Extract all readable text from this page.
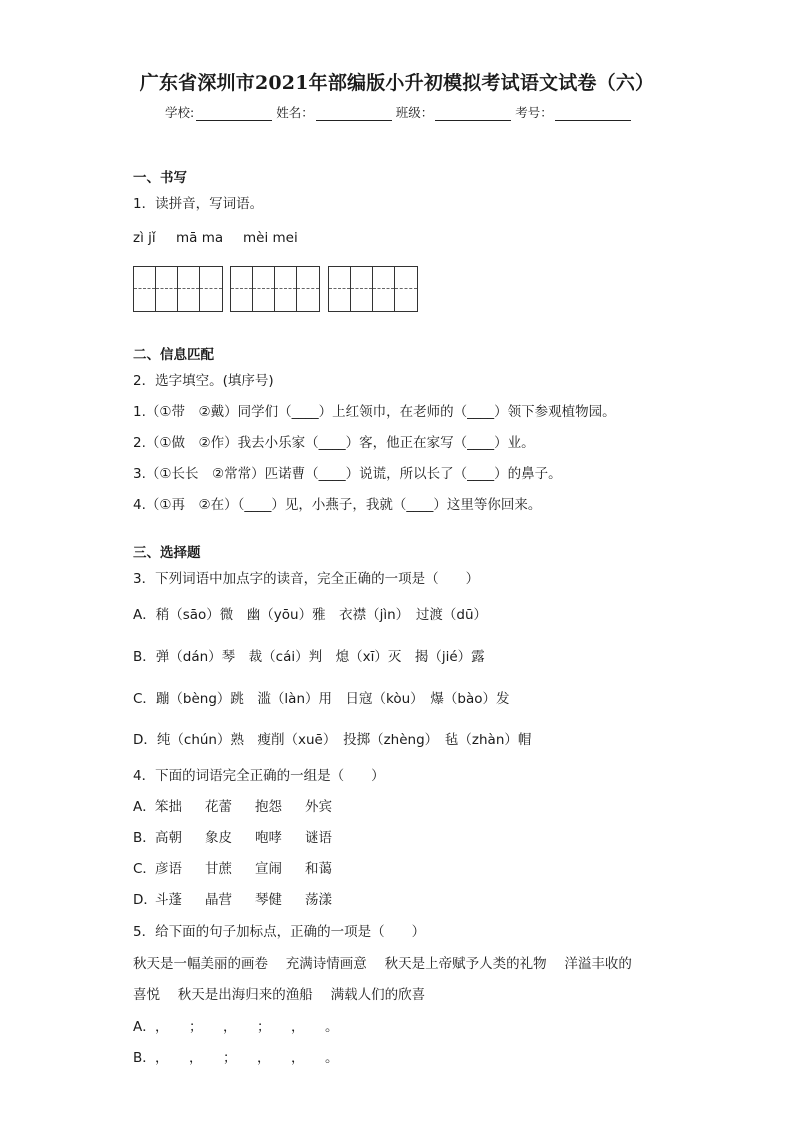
广东省深圳市2021年部编版小升初模拟考试语文试卷（六）
学校:	姓名：	班级：	考号：
一、书写
1．读拼音，写词语。
zì jǐ mā ma mèi mei
二、信息匹配
2．选字填空。(填序号)
1.（①带　②戴）同学们（____）上红领巾，在老师的（____）领下参观植物园。
2.（①做　②作）我去小乐家（____）客，他正在家写（____）业。
3.（①长长　②常常）匹诺曹（____）说谎，所以长了（____）的鼻子。
4.（①再　②在）（____）见，小燕子，我就（____）这里等你回来。
三、选择题
3．下列词语中加点字的读音，完全正确的一项是（　　）
A．稍（sāo）微　幽（yōu）雅　衣襟（jìn）　过渡（dū）
B．弹（dán）琴　裁（cái）判　熄（xī）灭　揭（jié）露
C．蹦（bèng）跳　滥（làn）用　日寇（kòu）　爆（bào）发
D．纯（chún）熟　瘦削（xuē）　投掷（zhèng）　毡（zhàn）帽
4．下面的词语完全正确的一组是（　　）
A．笨拙 花蕾 抱怨 外宾
B．高朝 象皮 咆哮 谜语
C．彦语 甘蔗 宣闹 和蔼
D．斗蓬 晶营 琴健 荡漾
5．给下面的句子加标点，正确的一项是（　　）
秋天是一幅美丽的画卷　 充满诗情画意　 秋天是上帝赋予人类的礼物　 洋溢丰收的
喜悦　 秋天是出海归来的渔船　 满载人们的欣喜
A．， ； ， ； ， 。
B．， ， ； ， ， 。
